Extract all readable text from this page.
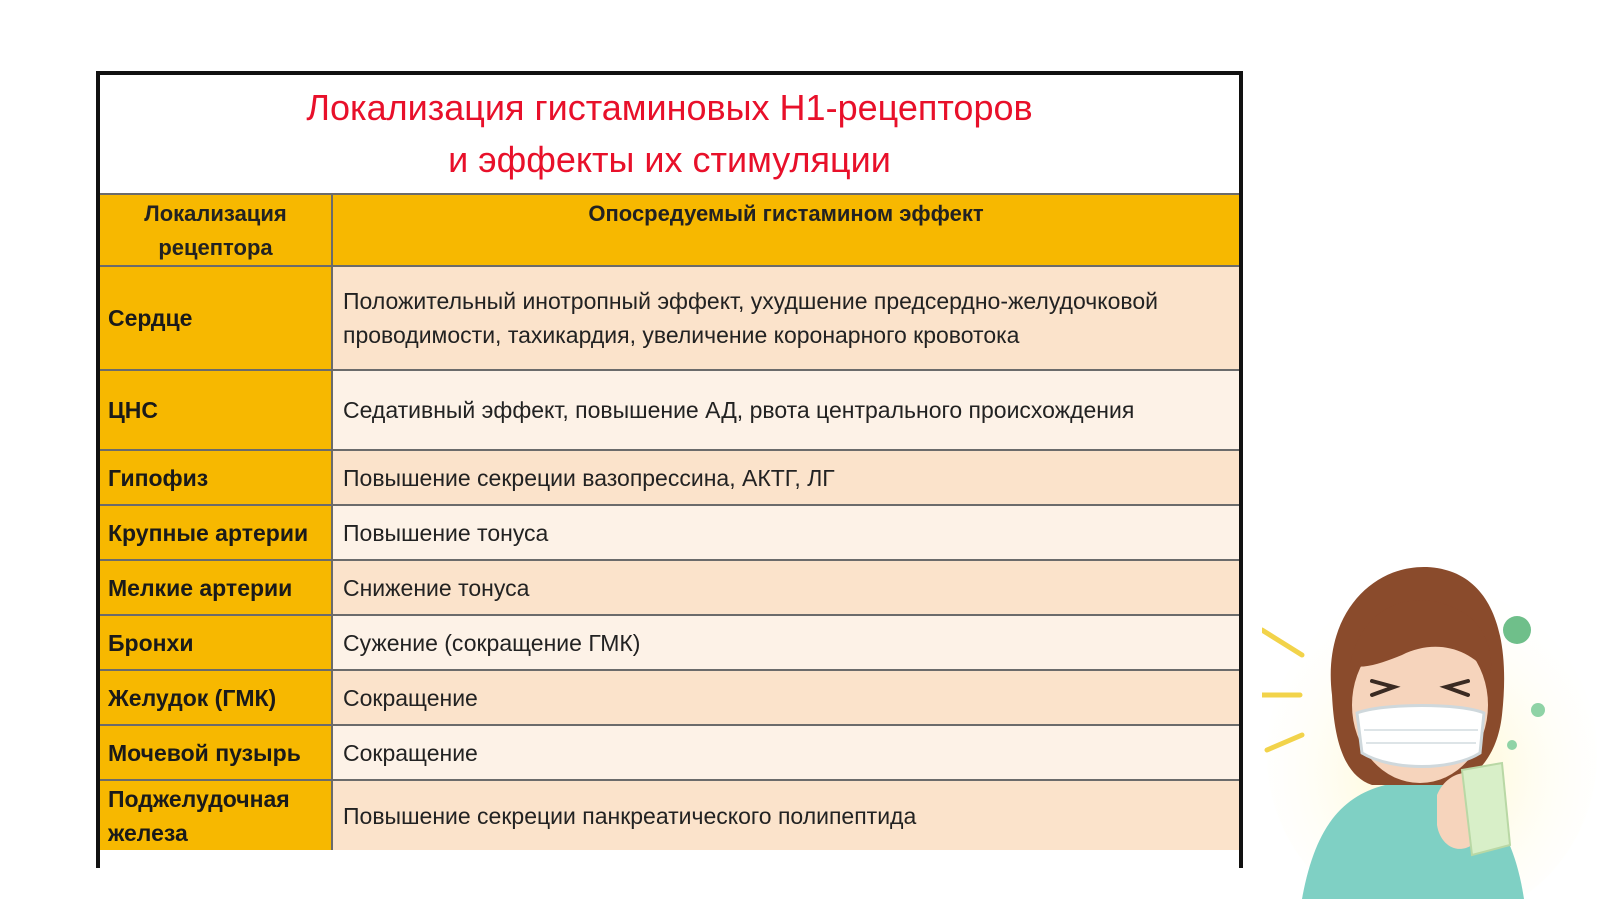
Локализация гистаминовых Н1-рецепторов
и эффекты их стимуляции
Локализация рецептора	Опосредуемый гистамином эффект
Сердце	Положительный инотропный эффект, ухудшение предсердно-желудочковой проводимости, тахикардия, увеличение коронарного кровотока
ЦНС	Седативный эффект, повышение АД, рвота центрального происхождения
Гипофиз	Повышение секреции вазопрессина, АКТГ, ЛГ
Крупные артерии	Повышение тонуса
Мелкие артерии	Снижение тонуса
Бронхи	Сужение (сокращение ГМК)
Желудок (ГМК)	Сокращение
Мочевой пузырь	Сокращение
Поджелудочная железа	Повышение секреции панкреатического полипептида
